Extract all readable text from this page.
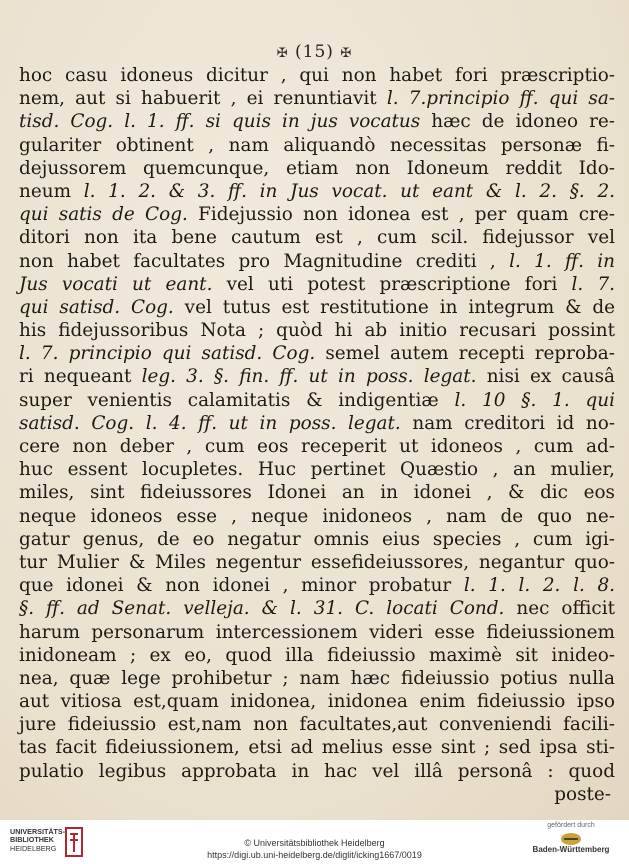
✠ (15) ✠
hoc casu idoneus dicitur , qui non habet fori præscriptio-
nem, aut si habuerit , ei renuntiavit l. 7.principio ff. qui sa-
tisd. Cog. l. 1. ff. si quis in jus vocatus hæc de idoneo re-
gulariter obtinent , nam aliquandò necessitas personæ fi-
dejussorem quemcunque, etiam non Idoneum reddit Ido-
neum l. 1. 2. & 3. ff. in Jus vocat. ut eant & l. 2. §. 2.
qui satis de Cog. Fidejussio non idonea est , per quam cre-
ditori non ita bene cautum est , cum scil. fidejussor vel
non habet facultates pro Magnitudine crediti , l. 1. ff. in
Jus vocati ut eant. vel uti potest præscriptione fori l. 7.
qui satisd. Cog. vel tutus est restitutione in integrum & de
his fidejussoribus Nota ; quòd hi ab initio recusari possint
l. 7. principio qui satisd. Cog. semel autem recepti reproba-
ri nequeant leg. 3. §. fin. ff. ut in poss. legat. nisi ex causâ
super venientis calamitatis & indigentiæ l. 10 §. 1. qui
satisd. Cog. l. 4. ff. ut in poss. legat. nam creditori id no-
cere non deber , cum eos receperit ut idoneos , cum ad-
huc essent locupletes. Huc pertinet Quæstio , an mulier,
miles, sint fideiussores Idonei an in idonei , & dic eos
neque idoneos esse , neque inidoneos , nam de quo ne-
gatur genus, de eo negatur omnis eius species , cum igi-
tur Mulier & Miles negentur essefideiussores, negantur quo-
que idonei & non idonei , minor probatur l. 1. l. 2. l. 8.
§. ff. ad Senat. velleja. & l. 31. C. locati Cond. nec officit
harum personarum intercessionem videri esse fideiussionem
inidoneam ; ex eo, quod illa fideiussio maximè sit inideo-
nea, quæ lege prohibetur ; nam hæc fideiussio potius nulla
aut vitiosa est,quam inidonea, inidonea enim fideiussio ipso
jure fideiussio est,nam non facultates,aut conveniendi facili-
tas facit fideiussionem, etsi ad melius esse sint ; sed ipsa sti-
pulatio legibus approbata in hac vel illâ personâ : quod
poste-
UNIVERSITÄTS-
BIBLIOTHEK
HEIDELBERG
© Universitätsbibliothek Heidelberg
https://digi.ub.uni-heidelberg.de/diglit/icking1667/0019
gefördert durch
Baden-Württemberg
